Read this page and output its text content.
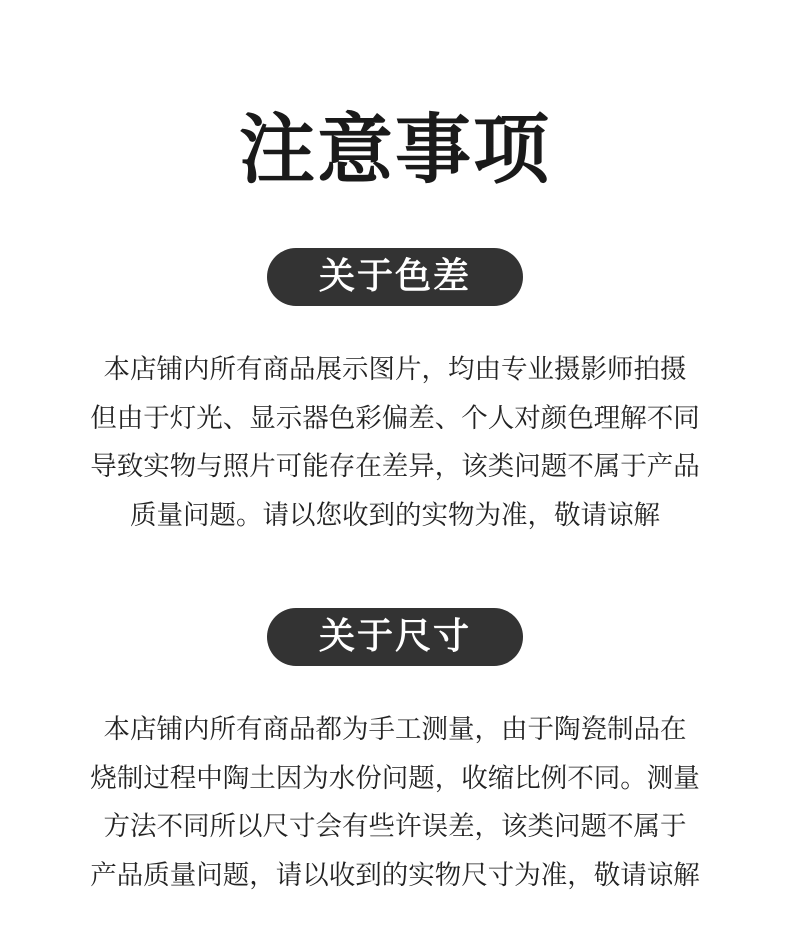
注意事项
关于色差
本店铺内所有商品展示图片，均由专业摄影师拍摄
但由于灯光、显示器色彩偏差、个人对颜色理解不同
导致实物与照片可能存在差异，该类问题不属于产品
质量问题。请以您收到的实物为准，敬请谅解
关于尺寸
本店铺内所有商品都为手工测量，由于陶瓷制品在
烧制过程中陶土因为水份问题，收缩比例不同。测量
方法不同所以尺寸会有些许误差，该类问题不属于
产品质量问题，请以收到的实物尺寸为准，敬请谅解
